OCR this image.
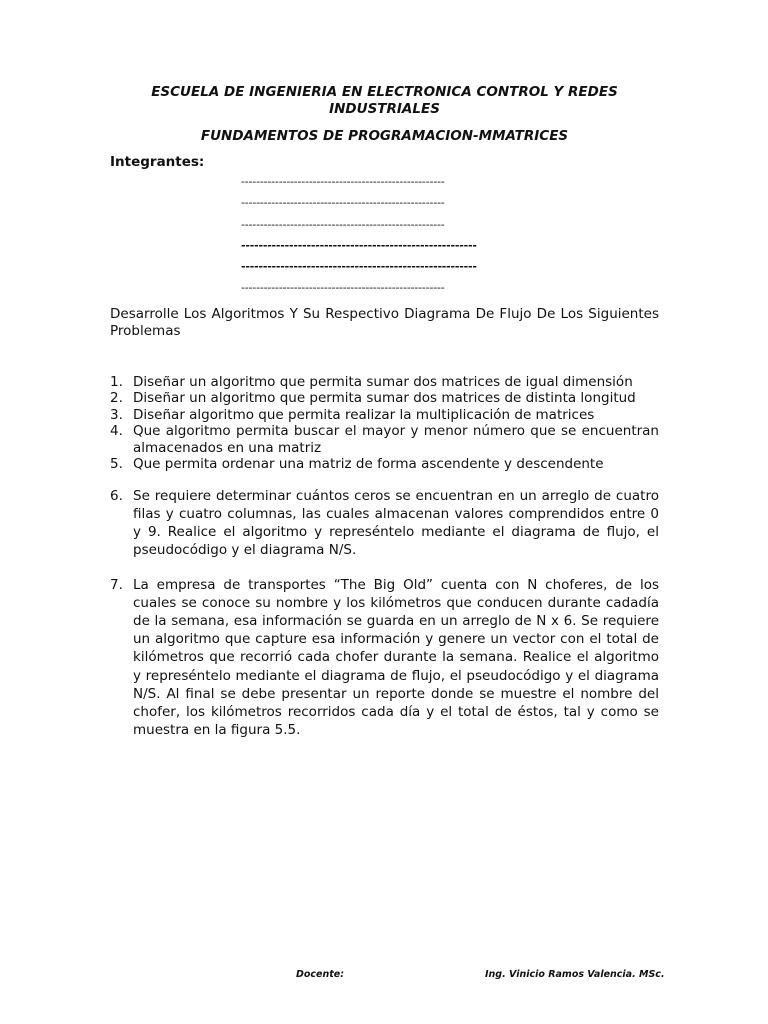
ESCUELA DE INGENIERIA EN ELECTRONICA CONTROL Y REDES INDUSTRIALES
FUNDAMENTOS DE PROGRAMACION-MMATRICES

Integrantes:

------------------------------------------------------
------------------------------------------------------
------------------------------------------------------
------------------------------------------------------
------------------------------------------------------
------------------------------------------------------

Desarrolle Los Algoritmos Y Su Respectivo Diagrama De Flujo De Los Siguientes Problemas

1. Diseñar un algoritmo que permita sumar dos matrices de igual dimensión
2. Diseñar un algoritmo que permita sumar dos matrices de distinta longitud
3. Diseñar algoritmo que permita realizar la multiplicación de matrices
4. Que algoritmo permita buscar el mayor y menor número que se encuentran almacenados en una matriz
5. Que permita ordenar una matriz de forma ascendente y descendente
6. Se requiere determinar cuántos ceros se encuentran en un arreglo de cuatro filas y cuatro columnas, las cuales almacenan valores comprendidos entre 0 y 9. Realice el algoritmo y represéntelo mediante el diagrama de flujo, el pseudocódigo y el diagrama N/S.
7. La empresa de transportes “The Big Old” cuenta con N choferes, de los cuales se conoce su nombre y los kilómetros que conducen durante cadadía de la semana, esa información se guarda en un arreglo de N x 6. Se requiere un algoritmo que capture esa información y genere un vector con el total de kilómetros que recorrió cada chofer durante la semana. Realice el algoritmo y represéntelo mediante el diagrama de flujo, el pseudocódigo y el diagrama N/S. Al final se debe presentar un reporte donde se muestre el nombre del chofer, los kilómetros recorridos cada día y el total de éstos, tal y como se muestra en la figura 5.5.
Docente:	Ing. Vinicio Ramos Valencia. MSc.
